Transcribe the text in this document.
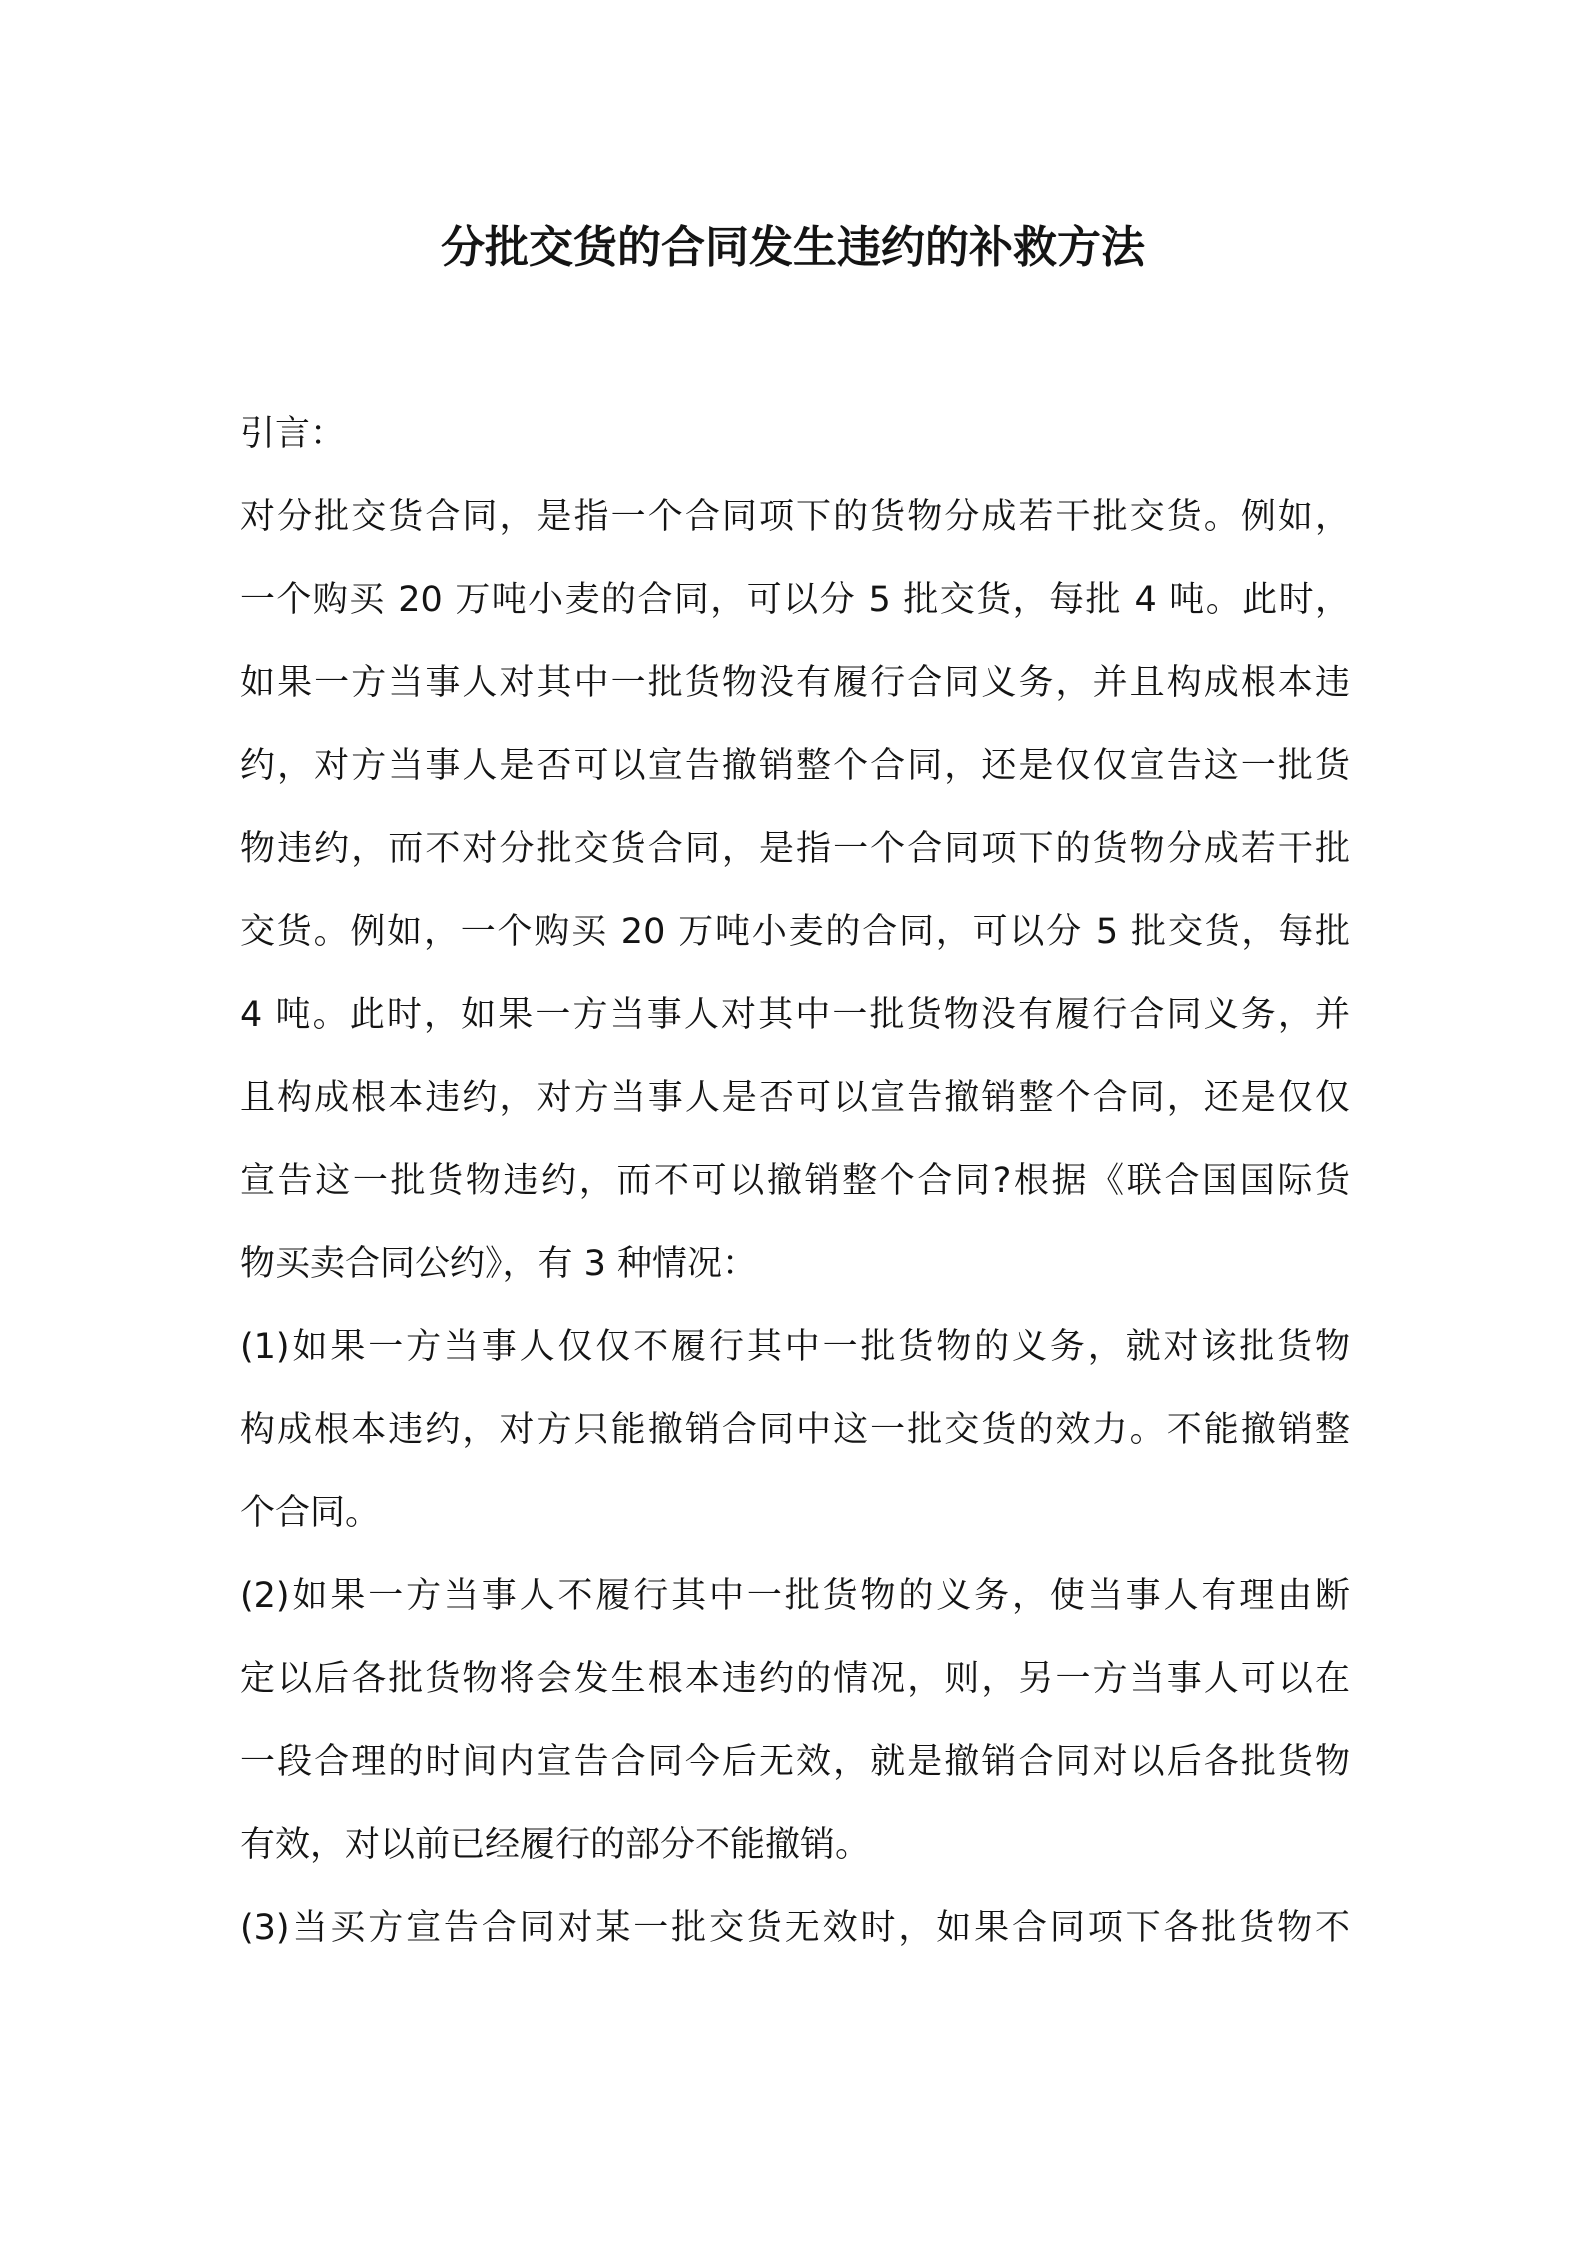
分批交货的合同发生违约的补救方法
引言：
对分批交货合同，是指一个合同项下的货物分成若干批交货。例如，
一个购买 20 万吨小麦的合同，可以分 5 批交货，每批 4 吨。此时，
如果一方当事人对其中一批货物没有履行合同义务，并且构成根本违
约，对方当事人是否可以宣告撤销整个合同，还是仅仅宣告这一批货
物违约，而不对分批交货合同，是指一个合同项下的货物分成若干批
交货。例如，一个购买 20 万吨小麦的合同，可以分 5 批交货，每批
4 吨。此时，如果一方当事人对其中一批货物没有履行合同义务，并
且构成根本违约，对方当事人是否可以宣告撤销整个合同，还是仅仅
宣告这一批货物违约，而不可以撤销整个合同?根据《联合国国际货
物买卖合同公约》，有 3 种情况：
(1)如果一方当事人仅仅不履行其中一批货物的义务，就对该批货物
构成根本违约，对方只能撤销合同中这一批交货的效力。不能撤销整
个合同。
(2)如果一方当事人不履行其中一批货物的义务，使当事人有理由断
定以后各批货物将会发生根本违约的情况，则，另一方当事人可以在
一段合理的时间内宣告合同今后无效，就是撤销合同对以后各批货物
有效，对以前已经履行的部分不能撤销。
(3)当买方宣告合同对某一批交货无效时，如果合同项下各批货物不
